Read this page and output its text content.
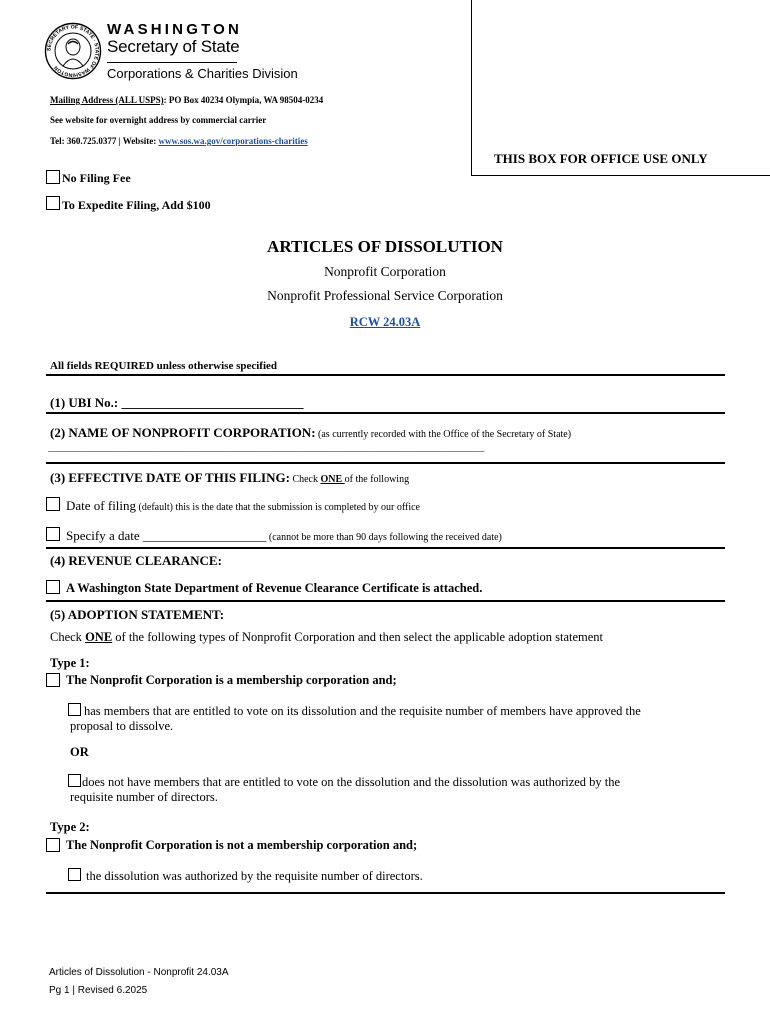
SECRETARY OF STATE · STATE OF WASHINGTON
WASHINGTON
Secretary of State
Corporations & Charities Division
Mailing Address (ALL USPS): PO Box 40234 Olympia, WA 98504-0234
See website for overnight address by commercial carrier
Tel: 360.725.0377 | Website: www.sos.wa.gov/corporations-charities
THIS BOX FOR OFFICE USE ONLY
No Filing Fee
To Expedite Filing, Add $100
ARTICLES OF DISSOLUTION
Nonprofit Corporation
Nonprofit Professional Service Corporation
RCW 24.03A
All fields REQUIRED unless otherwise specified
(1) UBI No.: ____________________________
(2) NAME OF NONPROFIT CORPORATION: (as currently recorded with the Office of the Secretary of State)
_________________________________________________________________________________________________
(3) EFFECTIVE DATE OF THIS FILING: Check ONE of the following
Date of filing (default) this is the date that the submission is completed by our office
Specify a date ___________________ (cannot be more than 90 days following the received date)
(4) REVENUE CLEARANCE:
A Washington State Department of Revenue Clearance Certificate is attached.
(5) ADOPTION STATEMENT:
Check ONE of the following types of Nonprofit Corporation and then select the applicable adoption statement
Type 1:
The Nonprofit Corporation is a membership corporation and;
has members that are entitled to vote on its dissolution and the requisite number of members have approved the
proposal to dissolve.
OR
does not have members that are entitled to vote on the dissolution and the dissolution was authorized by the
requisite number of directors.
Type 2:
The Nonprofit Corporation is not a membership corporation and;
the dissolution was authorized by the requisite number of directors.
Articles of Dissolution - Nonprofit 24.03A
Pg 1 | Revised 6.2025
